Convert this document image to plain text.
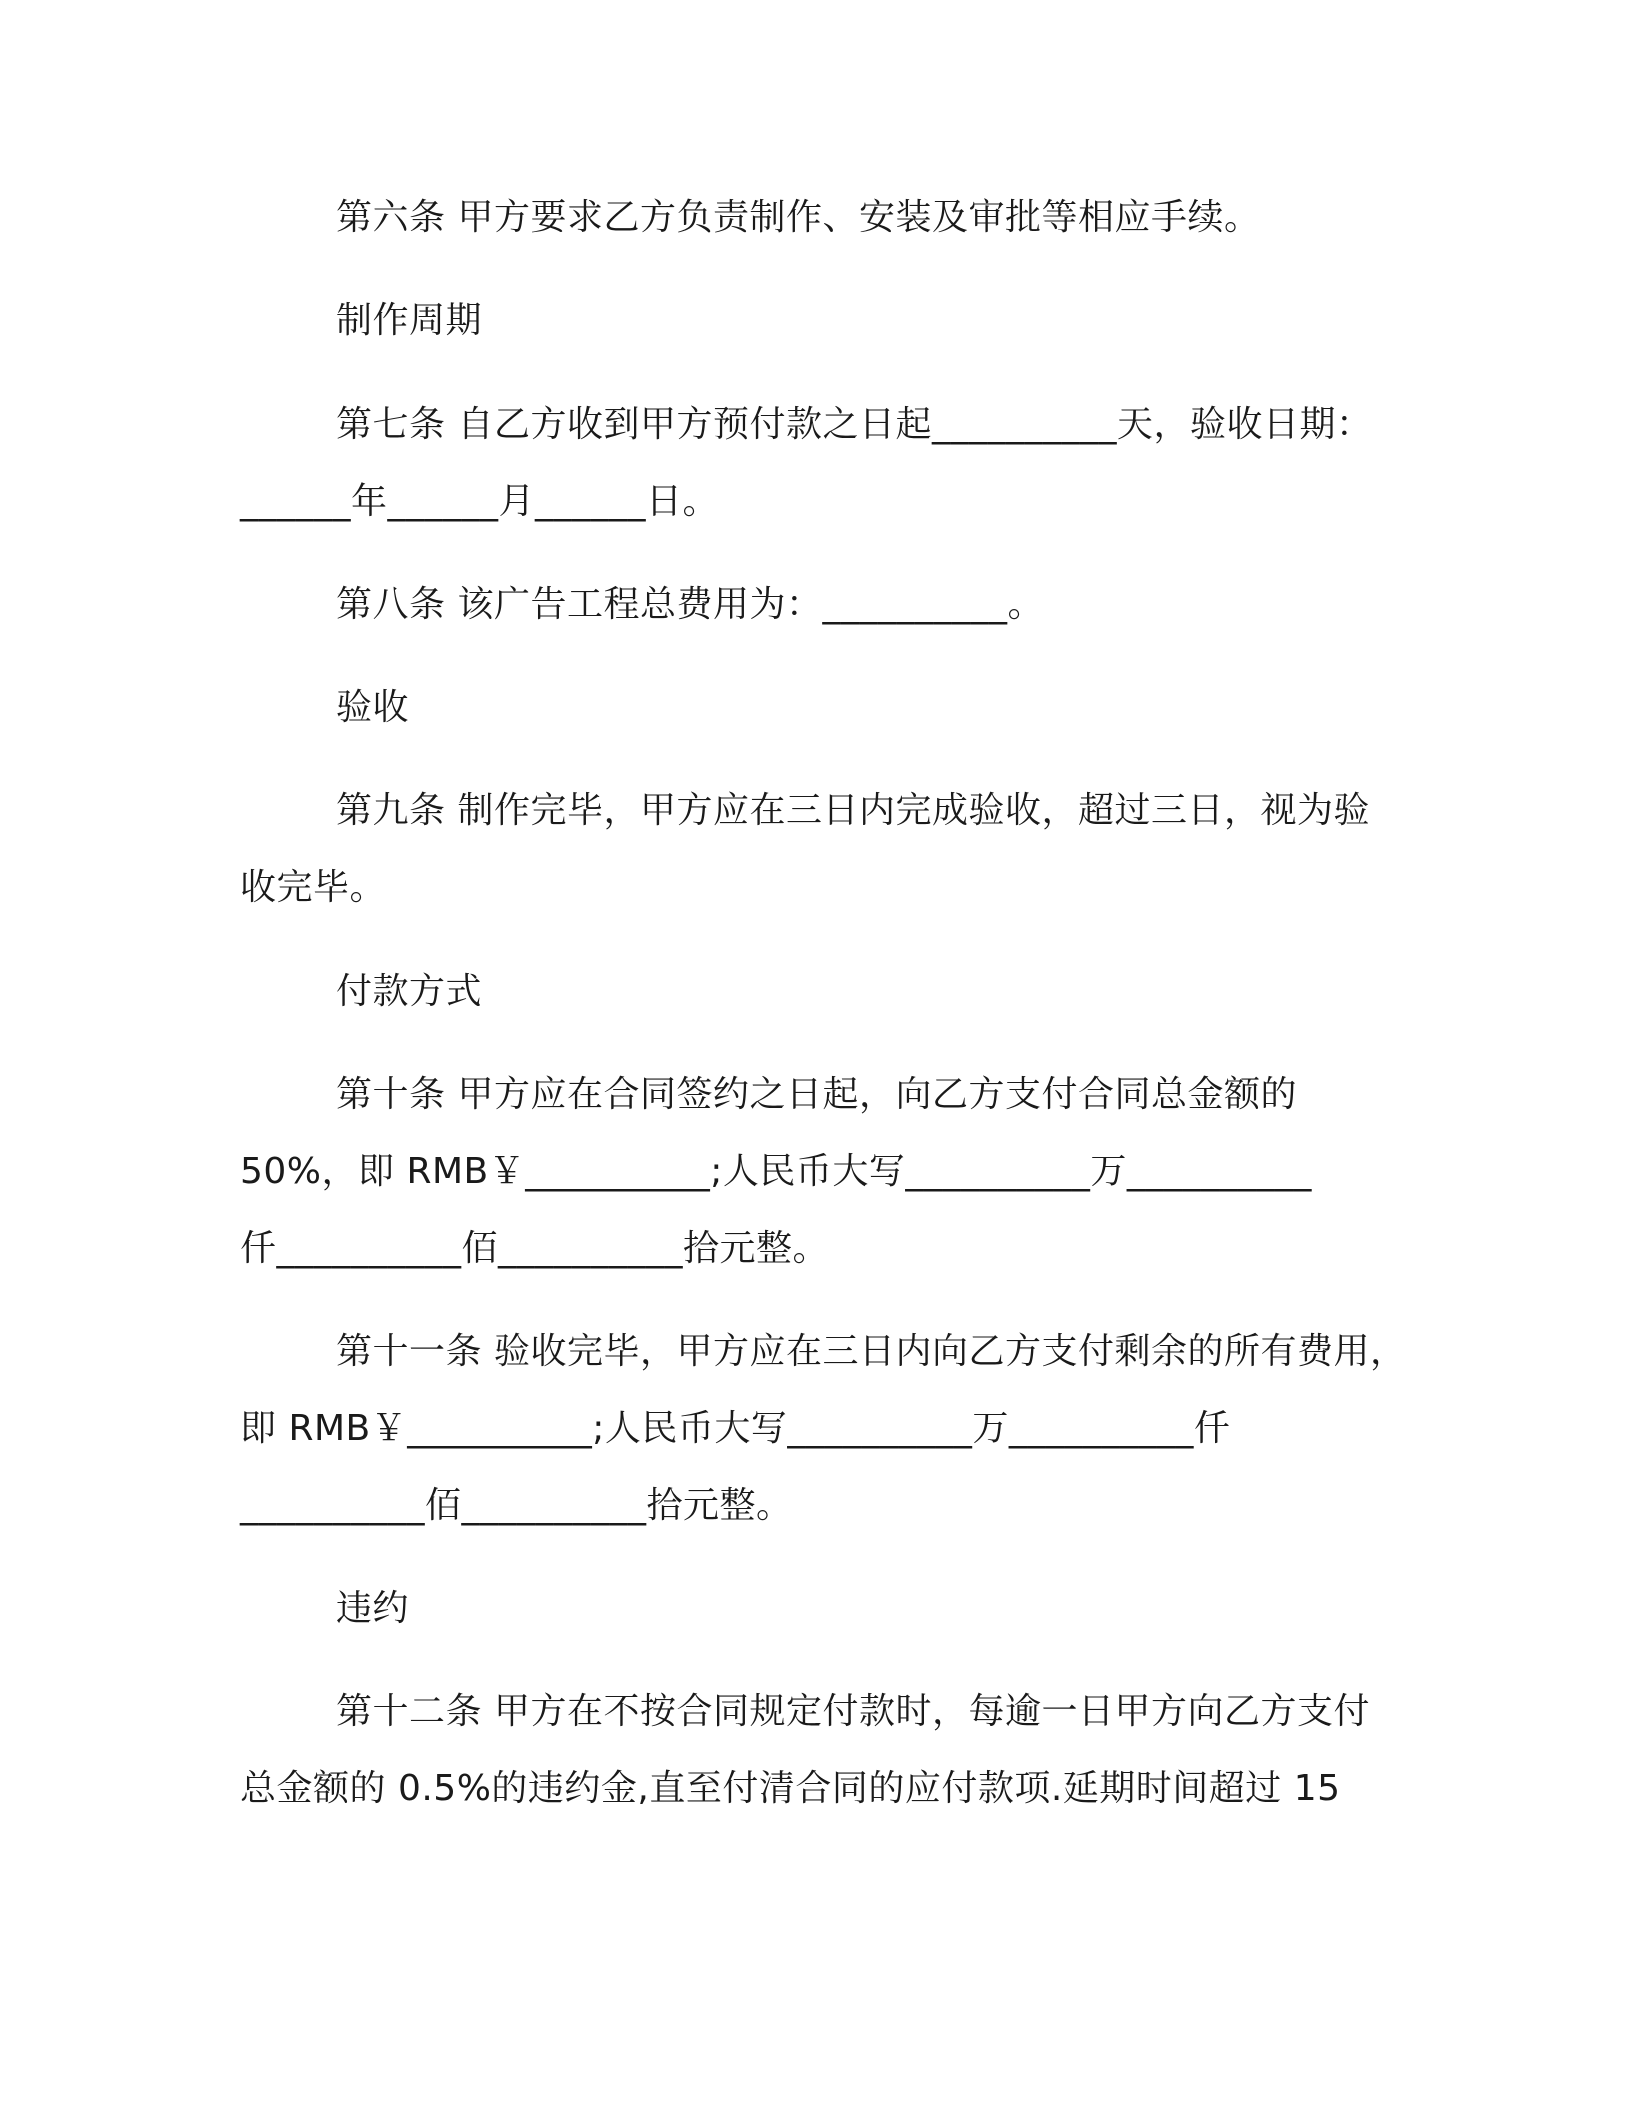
第六条 甲方要求乙方负责制作、安装及审批等相应手续。
制作周期
第七条 自乙方收到甲方预付款之日起__________天，验收日期：
______年______月______日。
第八条 该广告工程总费用为：__________。
验收
第九条 制作完毕，甲方应在三日内完成验收，超过三日，视为验
收完毕。
付款方式
第十条 甲方应在合同签约之日起，向乙方支付合同总金额的
50%，即 RMB￥__________;人民币大写__________万__________
仟__________佰__________拾元整。
第十一条 验收完毕，甲方应在三日内向乙方支付剩余的所有费用，
即 RMB￥__________;人民币大写__________万__________仟
__________佰__________拾元整。
违约
第十二条 甲方在不按合同规定付款时，每逾一日甲方向乙方支付
总金额的 0.5%的违约金,直至付清合同的应付款项.延期时间超过 15
